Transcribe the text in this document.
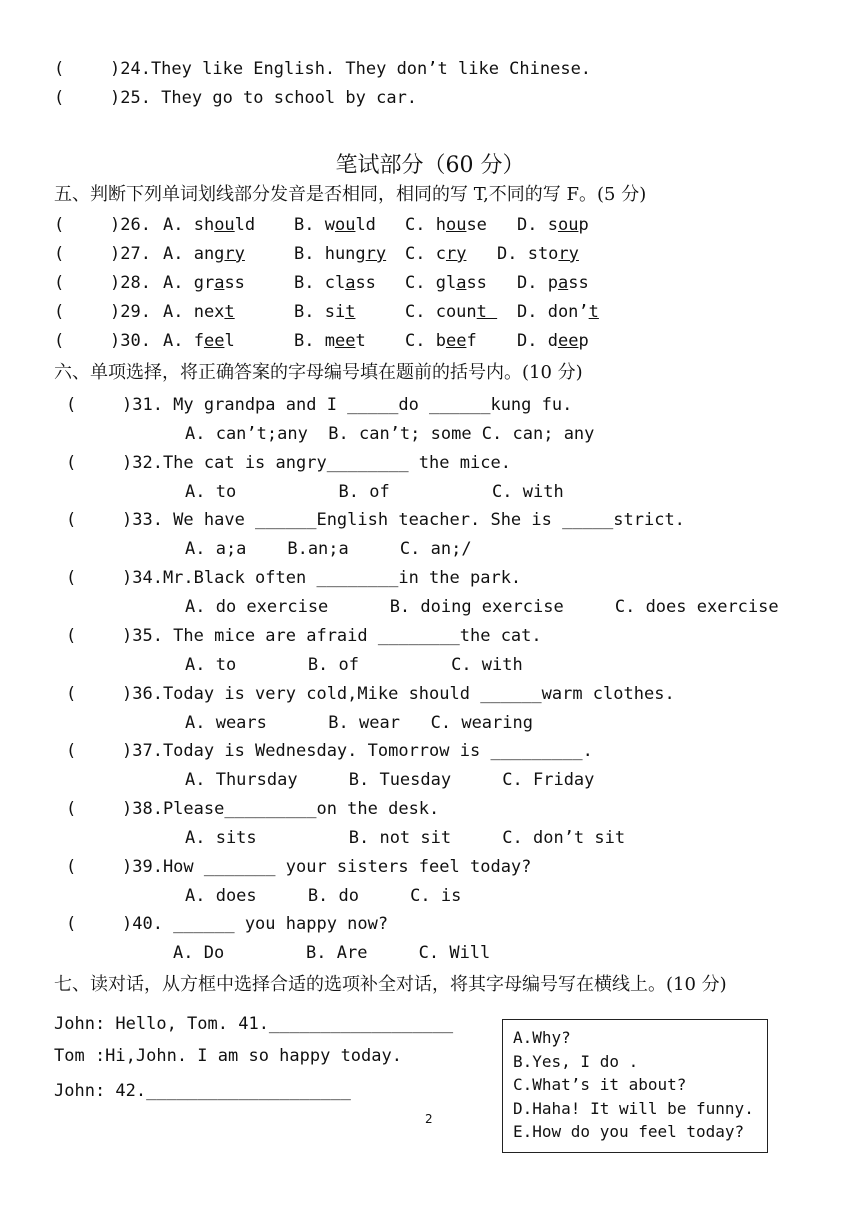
(	)24.They like English. They don’t like Chinese.
(	)25. They go to school by car.
笔试部分（60 分）
五、判断下列单词划线部分发音是否相同，相同的写 T,不同的写 F。(5 分)
(	)26. A. should B. would C. house D. soup
(	)27. A. angry	B. hungry C. cry D. story
(	)28. A. grass	B. class C. glass D. pass
(	)29. A. next	B. sit	C. count D. don’t
(	)30. A. feel	B. meet C. beef D. deep
六、单项选择，将正确答案的字母编号填在题前的括号内。(10 分)
(	)31. My grandpa and I _____do ______kung fu.
A. can’t;any  B. can’t; some C. can; any
(	)32.The cat is angry________ the mice.
A. to          B. of          C. with
(	)33. We have ______English teacher. She is _____strict.
A. a;a    B.an;a     C. an;/
(	)34.Mr.Black often ________in the park.
A. do exercise      B. doing exercise     C. does exercise
(	)35. The mice are afraid ________the cat.
A. to       B. of         C. with
(	)36.Today is very cold,Mike should ______warm clothes.
A. wears      B. wear   C. wearing
(	)37.Today is Wednesday. Tomorrow is _________.
A. Thursday     B. Tuesday     C. Friday
(	)38.Please_________on the desk.
A. sits         B. not sit     C. don’t sit
(	)39.How _______ your sisters feel today?
A. does     B. do     C. is
(	)40. ______ you happy now?
A. Do        B. Are     C. Will
七、读对话，从方框中选择合适的选项补全对话，将其字母编号写在横线上。(10 分)
John: Hello, Tom. 41.__________________
Tom :Hi,John. I am so happy today.
John: 42.____________________
A.Why?
B.Yes, I do .
C.What’s it about?
D.Haha! It will be funny.
E.How do you feel today?
2
